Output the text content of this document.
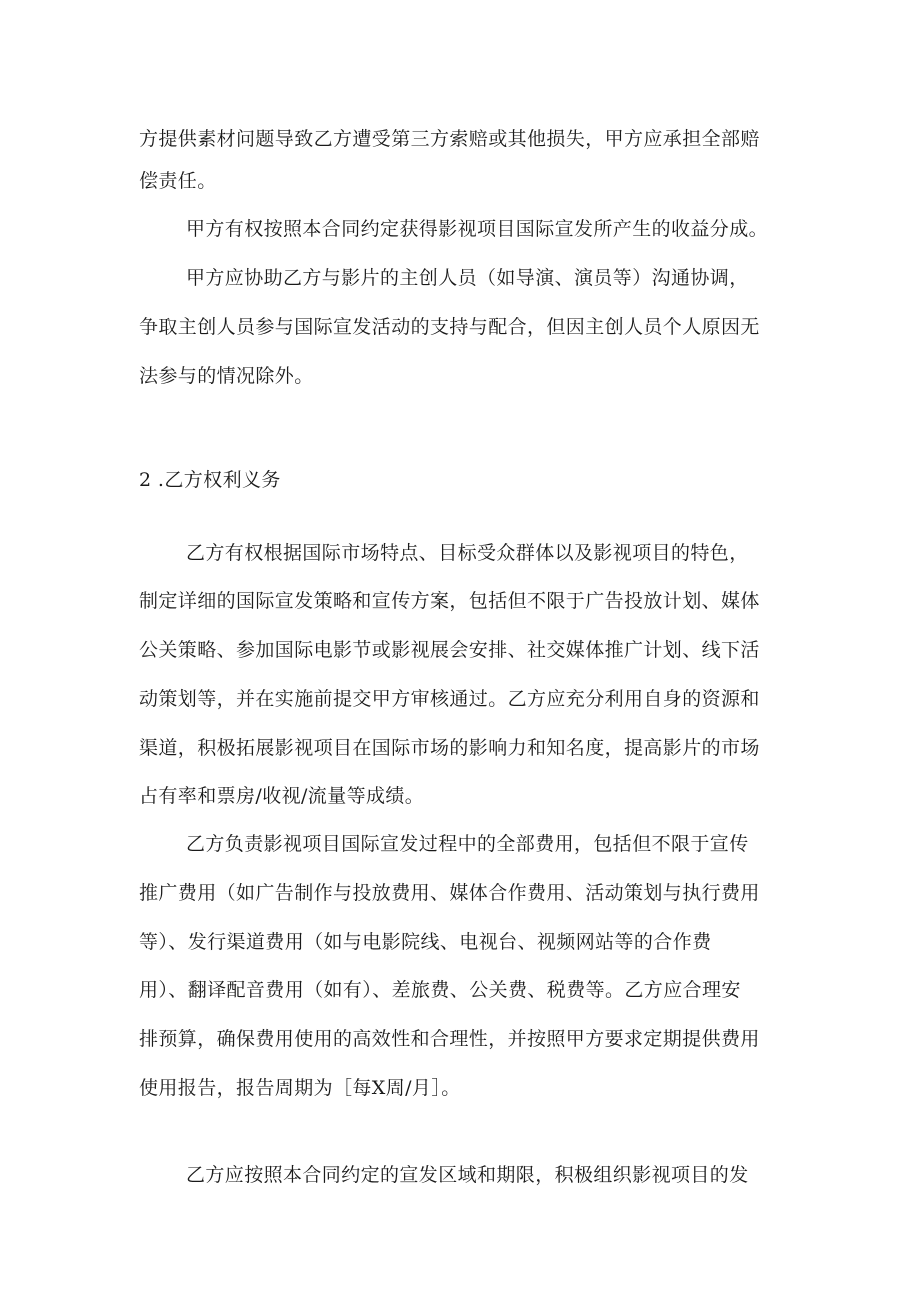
方提供素材问题导致乙方遭受第三方索赔或其他损失，甲方应承担全部赔
偿责任。
甲方有权按照本合同约定获得影视项目国际宣发所产生的收益分成。
甲方应协助乙方与影片的主创人员（如导演、演员等）沟通协调，
争取主创人员参与国际宣发活动的支持与配合，但因主创人员个人原因无
法参与的情况除外。
2 .乙方权利义务
乙方有权根据国际市场特点、目标受众群体以及影视项目的特色，
制定详细的国际宣发策略和宣传方案，包括但不限于广告投放计划、媒体
公关策略、参加国际电影节或影视展会安排、社交媒体推广计划、线下活
动策划等，并在实施前提交甲方审核通过。乙方应充分利用自身的资源和
渠道，积极拓展影视项目在国际市场的影响力和知名度，提高影片的市场
占有率和票房/收视/流量等成绩。
乙方负责影视项目国际宣发过程中的全部费用，包括但不限于宣传
推广费用（如广告制作与投放费用、媒体合作费用、活动策划与执行费用
等）、发行渠道费用（如与电影院线、电视台、视频网站等的合作费
用）、翻译配音费用（如有）、差旅费、公关费、税费等。乙方应合理安
排预算，确保费用使用的高效性和合理性，并按照甲方要求定期提供费用
使用报告，报告周期为［每X周/月］。
乙方应按照本合同约定的宣发区域和期限，积极组织影视项目的发
